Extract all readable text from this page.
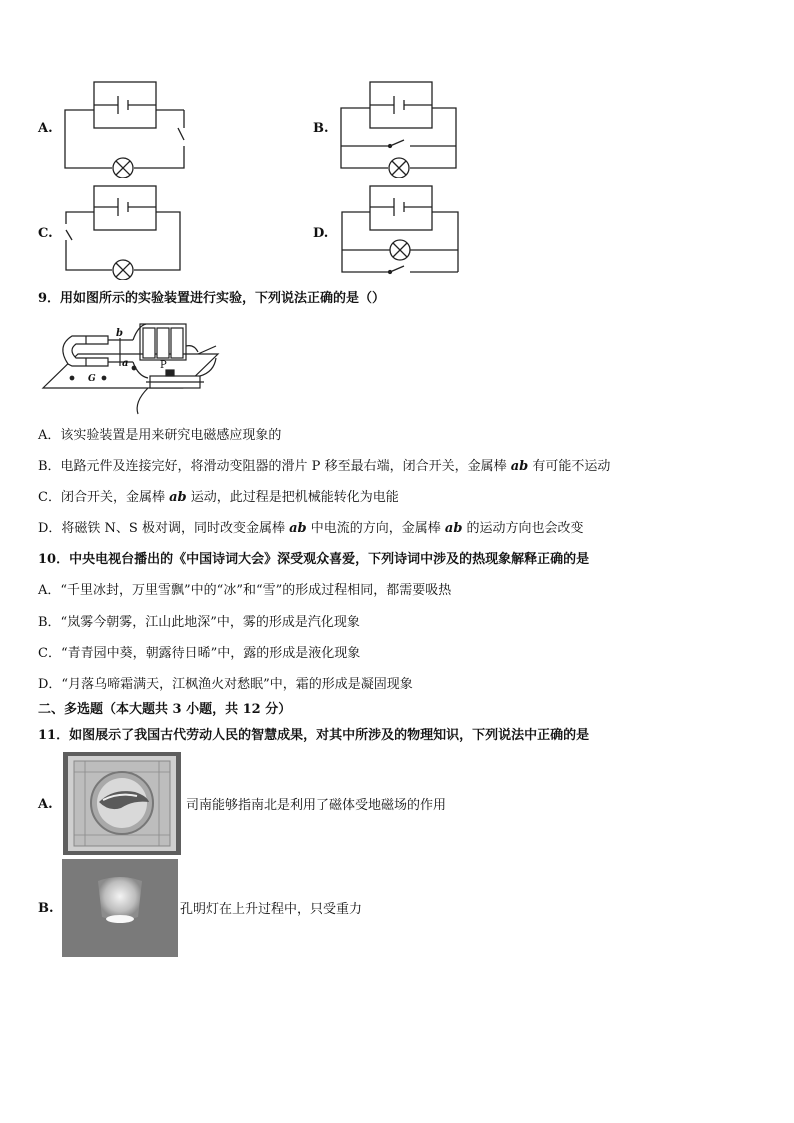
A.	B.
C.	D.
9．用如图所示的实验装置进行实验，下列说法正确的是（）
b
a
G
P
A．该实验装置是用来研究电磁感应现象的
B．电路元件及连接完好，将滑动变阻器的滑片 P 移至最右端，闭合开关，金属棒 ab 有可能不运动
C．闭合开关，金属棒 ab 运动，此过程是把机械能转化为电能
D．将磁铁 N、S 极对调，同时改变金属棒 ab 中电流的方向，金属棒 ab 的运动方向也会改变
10．中央电视台播出的《中国诗词大会》深受观众喜爱，下列诗词中涉及的热现象解释正确的是
A．“千里冰封，万里雪飘”中的“冰”和“雪”的形成过程相同，都需要吸热
B．“岚雾今朝雾，江山此地深”中，雾的形成是汽化现象
C．“青青园中葵，朝露待日晞”中，露的形成是液化现象
D．“月落乌啼霜满天，江枫渔火对愁眠”中，霜的形成是凝固现象
二、多选题（本大题共 3 小题，共 12 分）
11．如图展示了我国古代劳动人民的智慧成果，对其中所涉及的物理知识，下列说法中正确的是
A.	司南能够指南北是利用了磁体受地磁场的作用
B.	孔明灯在上升过程中，只受重力
